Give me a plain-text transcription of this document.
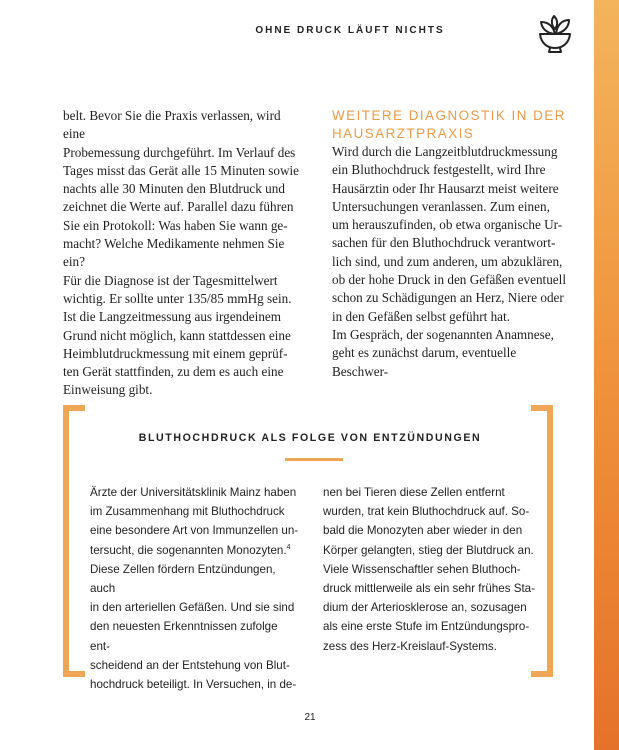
OHNE DRUCK LÄUFT NICHTS

belt. Bevor Sie die Praxis verlassen, wird eine

Probemessung durchgeführt. Im Verlauf des

Tages misst das Gerät alle 15 Minuten sowie

nachts alle 30 Minuten den Blutdruck und

zeichnet die Werte auf. Parallel dazu führen

Sie ein Protokoll: Was haben Sie wann ge-

macht? Welche Medikamente nehmen Sie ein?

Für die Diagnose ist der Tagesmittelwert

wichtig. Er sollte unter 135/85 mmHg sein.

Ist die Langzeitmessung aus irgendeinem

Grund nicht möglich, kann stattdessen eine

Heimblutdruckmessung mit einem geprüf-

ten Gerät stattfinden, zu dem es auch eine

Einweisung gibt.

WEITERE DIAGNOSTIK IN DER
HAUSARZTPRAXIS

Wird durch die Langzeitblutdruckmessung

ein Bluthochdruck festgestellt, wird Ihre

Hausärztin oder Ihr Hausarzt meist weitere

Untersuchungen veranlassen. Zum einen,

um herauszufinden, ob etwa organische Ur-

sachen für den Bluthochdruck verantwort-

lich sind, und zum anderen, um abzuklären,

ob der hohe Druck in den Gefäßen eventuell

schon zu Schädigungen an Herz, Niere oder

in den Gefäßen selbst geführt hat.

Im Gespräch, der sogenannten Anamnese,

geht es zunächst darum, eventuelle Beschwer-

BLUTHOCHDRUCK ALS FOLGE VON ENTZÜNDUNGEN

Ärzte der Universitätsklinik Mainz haben

im Zusammenhang mit Bluthochdruck

eine besondere Art von Immunzellen un-

tersucht, die sogenannten Monozyten.$^4$

Diese Zellen fördern Entzündungen, auch

in den arteriellen Gefäßen. Und sie sind

den neuesten Erkenntnissen zufolge ent-

scheidend an der Entstehung von Blut-

hochdruck beteiligt. In Versuchen, in de-

nen bei Tieren diese Zellen entfernt

wurden, trat kein Bluthochdruck auf. So-

bald die Monozyten aber wieder in den

Körper gelangten, stieg der Blutdruck an.

Viele Wissenschaftler sehen Bluthoch-

druck mittlerweile als ein sehr frühes Sta-

dium der Arteriosklerose an, sozusagen

als eine erste Stufe im Entzündungspro-

zess des Herz-Kreislauf-Systems.

21
